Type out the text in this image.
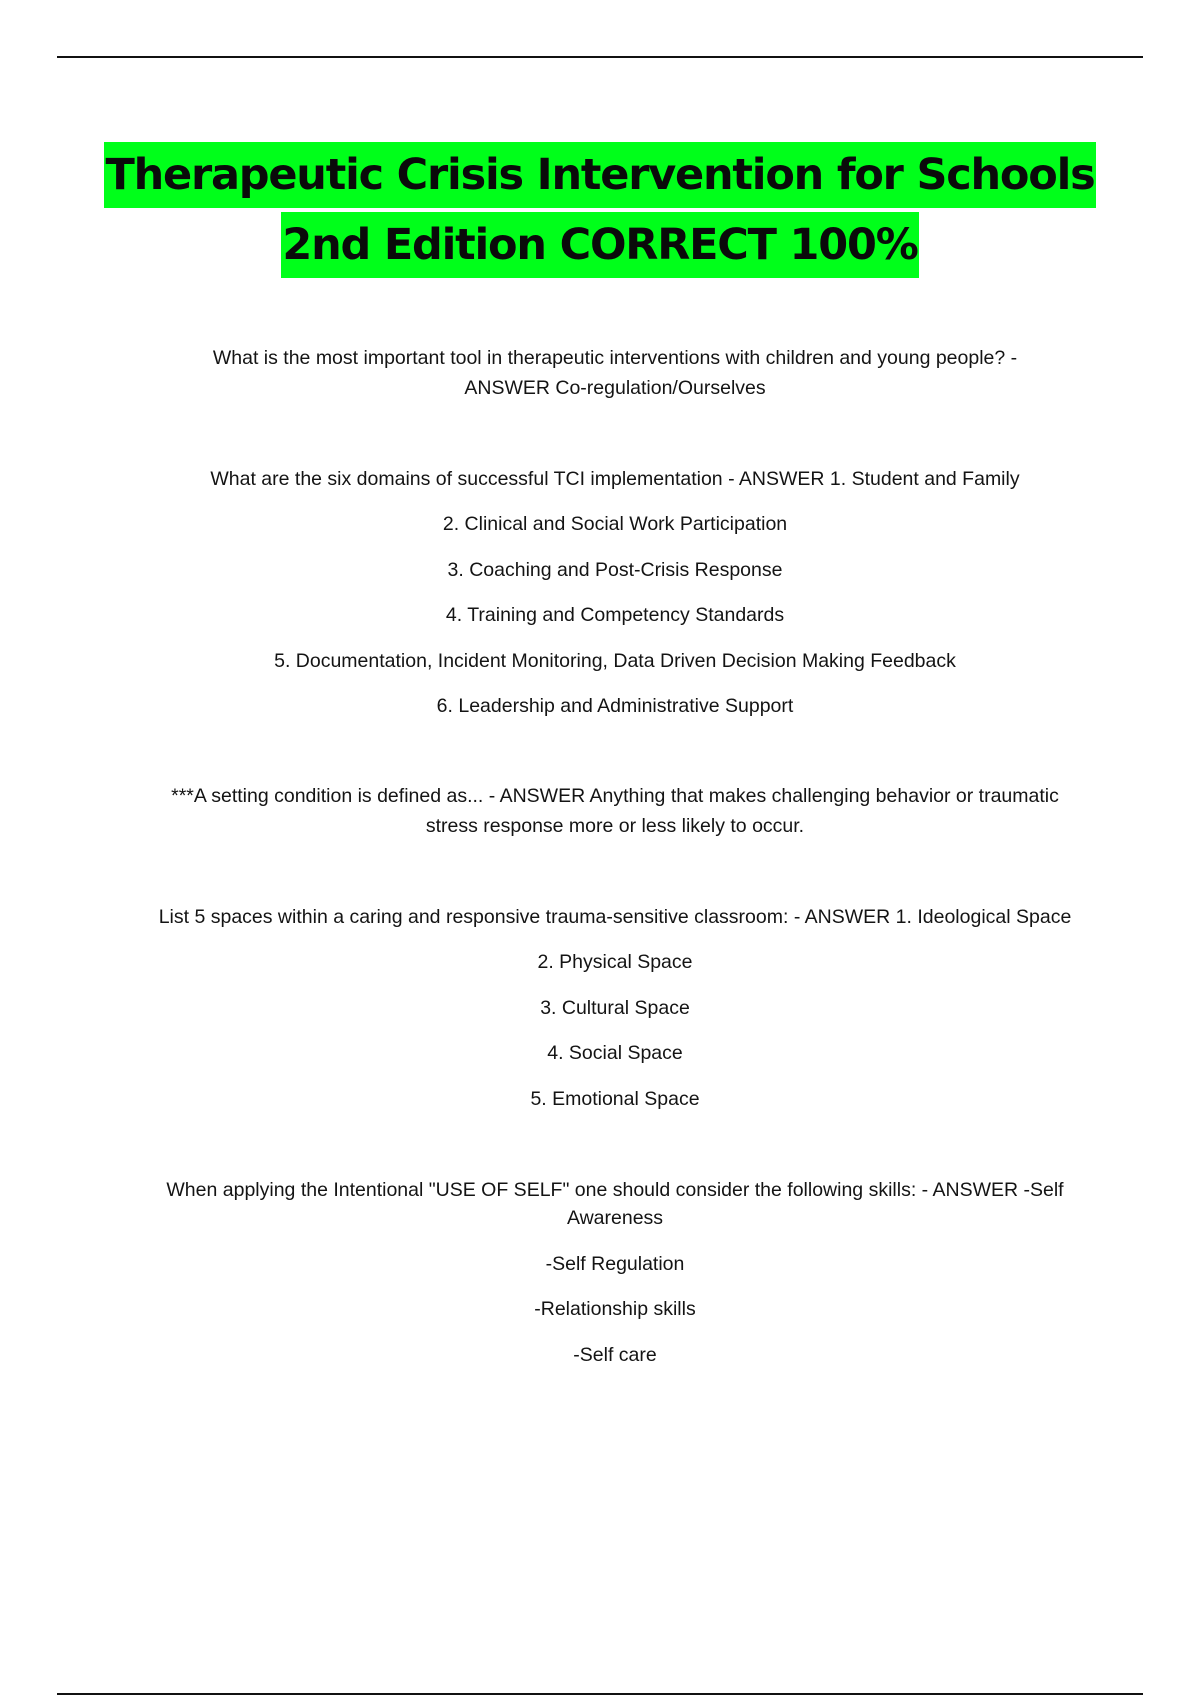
Therapeutic Crisis Intervention for Schools
2nd Edition CORRECT 100%
What is the most important tool in therapeutic interventions with children and young people? -
ANSWER Co-regulation/Ourselves
What are the six domains of successful TCI implementation - ANSWER 1. Student and Family
2. Clinical and Social Work Participation
3. Coaching and Post-Crisis Response
4. Training and Competency Standards
5. Documentation, Incident Monitoring, Data Driven Decision Making Feedback
6. Leadership and Administrative Support
***A setting condition is defined as... - ANSWER Anything that makes challenging behavior or traumatic
stress response more or less likely to occur.
List 5 spaces within a caring and responsive trauma-sensitive classroom: - ANSWER 1. Ideological Space
2. Physical Space
3. Cultural Space
4. Social Space
5. Emotional Space
When applying the Intentional "USE OF SELF" one should consider the following skills: - ANSWER -Self
Awareness
-Self Regulation
-Relationship skills
-Self care
